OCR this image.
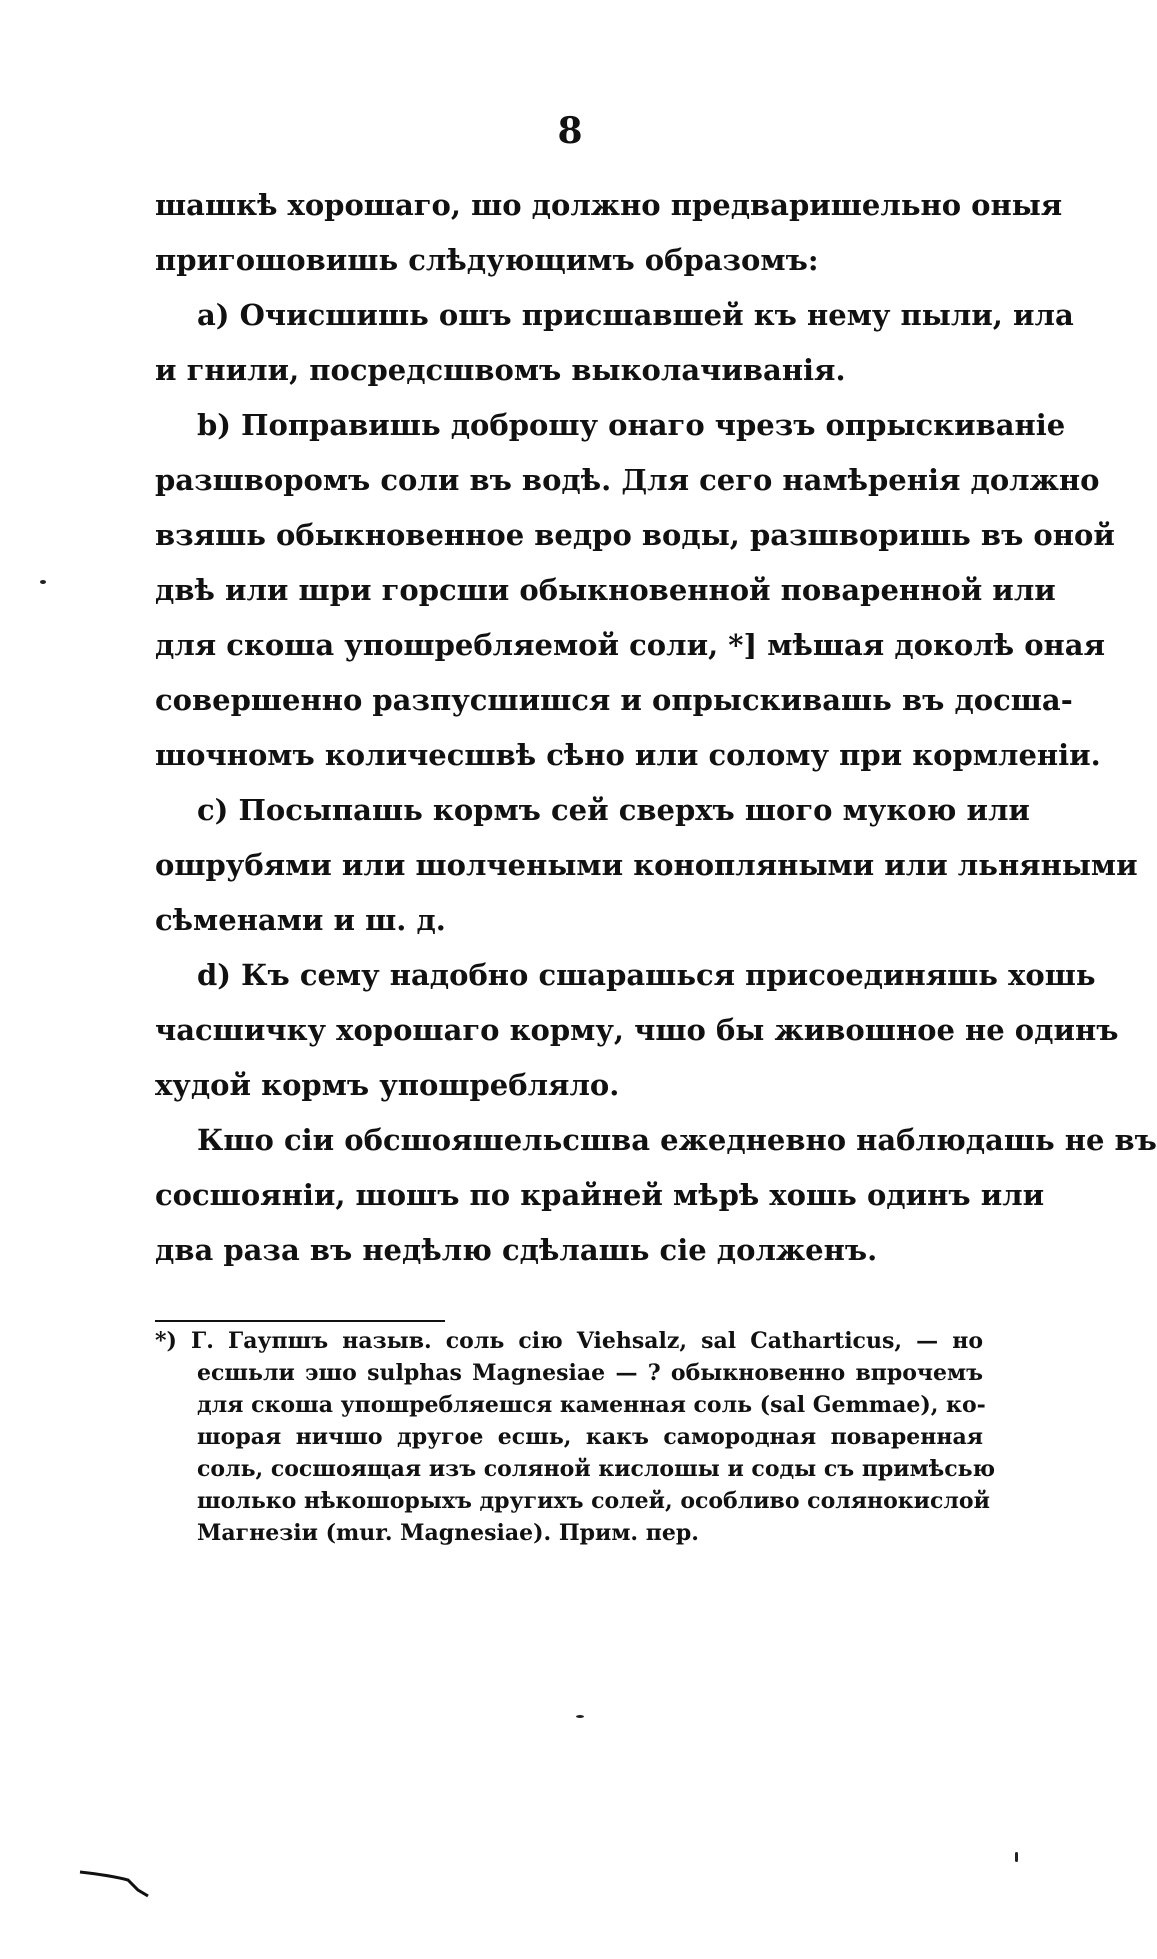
8
шашкѣ хорошаго, шо должно предваришельно оныя
пригошовишь слѣдующимъ образомъ:
a) Очисшишь ошъ присшавшей къ нему пыли, ила
и гнили, посредсшвомъ выколачиванія.
b) Поправишь доброшу онаго чрезъ опрыскиваніе
разшворомъ соли въ водѣ. Для сего намѣренія должно
взяшь обыкновенное ведро воды, разшворишь въ оной
двѣ или шри горсши обыкновенной поваренной или
для скоша упошребляемой соли, *] мѣшая доколѣ оная
совершенно разпусшишся и опрыскивашь въ досша-
шочномъ количесшвѣ сѣно или солому при кормленіи.
c) Посыпашь кормъ сей сверхъ шого мукою или
ошрубями или шолчеными конопляными или льняными
сѣменами и ш. д.
d) Къ сему надобно сшарашься присоединяшь хошь
часшичку хорошаго корму, чшо бы живошное не одинъ
худой кормъ упошребляло.
Кшо сіи обсшояшельсшва ежедневно наблюдашь не въ
сосшояніи, шошъ по крайней мѣрѣ хошь одинъ или
два раза въ недѣлю сдѣлашь сіе долженъ.
*) Г. Гаупшъ назыв. соль сію Viehsalz, sal Catharticus, — но
есшьли эшо sulphas Magnesiae — ? обыкновенно впрочемъ
для скоша упошребляешся каменная соль (sal Gemmae), ко-
шорая ничшо другое есшь, какъ самородная поваренная
соль, сосшоящая изъ соляной кислошы и соды съ примѣсью
шолько нѣкошорыхъ другихъ солей, особливо солянокислой
Магнезіи (mur. Magnesiae). Прим. пер.
